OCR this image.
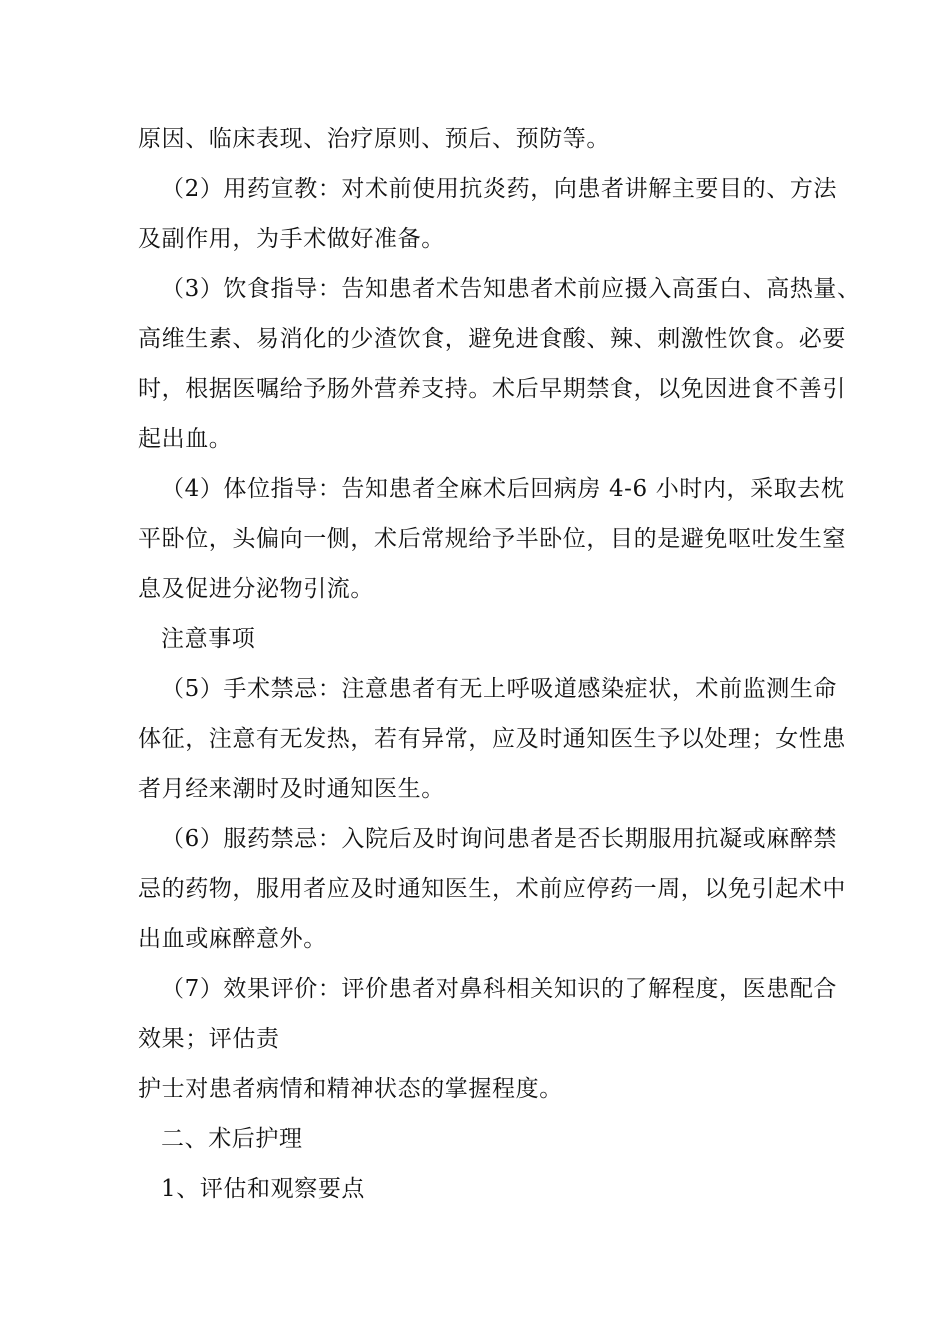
原因、临床表现、治疗原则、预后、预防等。
（2）用药宣教：对术前使用抗炎药，向患者讲解主要目的、方法
及副作用，为手术做好准备。
（3）饮食指导：告知患者术告知患者术前应摄入高蛋白、高热量、
高维生素、易消化的少渣饮食，避免进食酸、辣、刺激性饮食。必要
时，根据医嘱给予肠外营养支持。术后早期禁食，以免因进食不善引
起出血。
（4）体位指导：告知患者全麻术后回病房 4-6 小时内，采取去枕
平卧位，头偏向一侧，术后常规给予半卧位，目的是避免呕吐发生窒
息及促进分泌物引流。
注意事项
（5）手术禁忌：注意患者有无上呼吸道感染症状，术前监测生命
体征，注意有无发热，若有异常，应及时通知医生予以处理；女性患
者月经来潮时及时通知医生。
（6）服药禁忌：入院后及时询问患者是否长期服用抗凝或麻醉禁
忌的药物，服用者应及时通知医生，术前应停药一周，以免引起术中
出血或麻醉意外。
（7）效果评价：评价患者对鼻科相关知识的了解程度，医患配合
效果；评估责
护士对患者病情和精神状态的掌握程度。
二、术后护理
1、评估和观察要点
